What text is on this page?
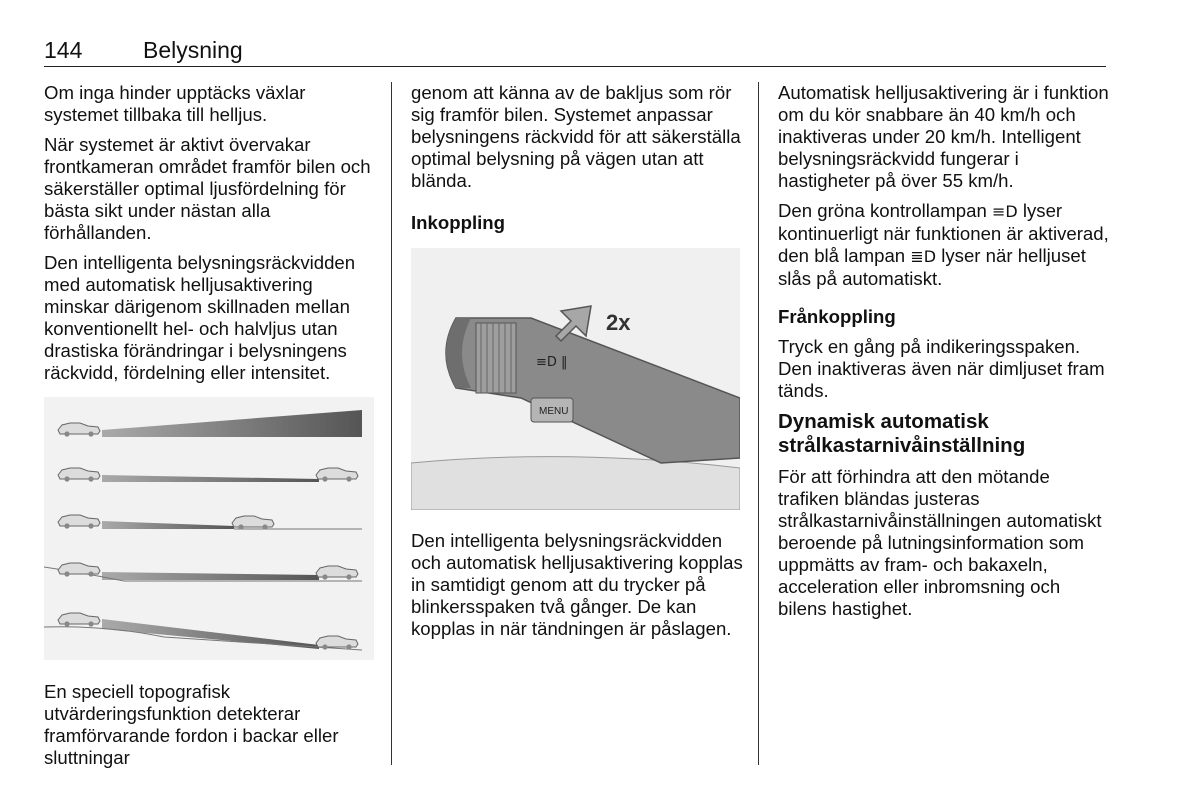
144	Belysning

Om inga hinder upptäcks växlar systemet tillbaka till helljus.

När systemet är aktivt övervakar frontkameran området framför bilen och säkerställer optimal ljusfördelning för bästa sikt under nästan alla förhållanden.

Den intelligenta belysningsräckvidden med automatisk helljusaktivering minskar därigenom skillnaden mellan konventionellt hel- och halvljus utan drastiska förändringar i belysningens räckvidd, fördelning eller intensitet.

En speciell topografisk utvärderingsfunktion detekterar framförvarande fordon i backar eller sluttningar

genom att känna av de bakljus som rör sig framför bilen. Systemet anpassar belysningens räckvidd för att säkerställa optimal belysning på vägen utan att blända.

Inkoppling

≡D ‖
MENU
2x

Den intelligenta belysningsräckvidden och automatisk helljusaktivering kopplas in samtidigt genom att du trycker på blinkersspaken två gånger. De kan kopplas in när tändningen är påslagen.

Automatisk helljusaktivering är i funktion om du kör snabbare än 40 km/h och inaktiveras under 20 km/h. Intelligent belysningsräckvidd fungerar i hastigheter på över 55 km/h.

Den gröna kontrollampan ≡D lyser kontinuerligt när funktionen är aktiverad, den blå lampan ≣D lyser när helljuset slås på automatiskt.

Frånkoppling

Tryck en gång på indikeringsspaken. Den inaktiveras även när dimljuset fram tänds.

Dynamisk automatisk strålkastarnivåinställning

För att förhindra att den mötande trafiken bländas justeras strålkastarnivåinställningen automatiskt beroende på lutningsinformation som uppmätts av fram- och bakaxeln, acceleration eller inbromsning och bilens hastighet.
